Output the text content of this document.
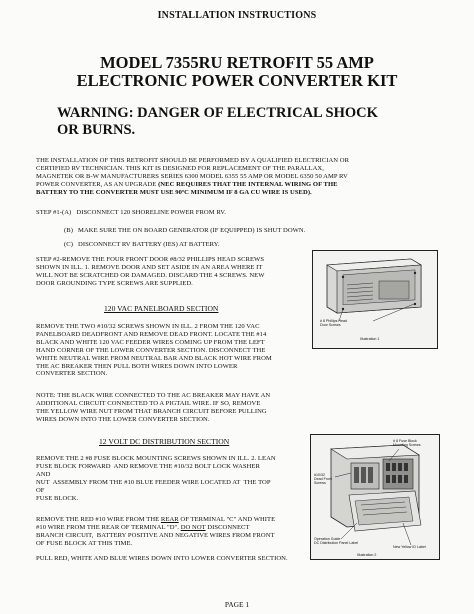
INSTALLATION INSTRUCTIONS
MODEL 7355RU RETROFIT 55 AMP
ELECTRONIC POWER CONVERTER KIT
WARNING: DANGER OF ELECTRICAL SHOCK
OR BURNS.
THE INSTALLATION OF THIS RETROFIT SHOULD BE PERFORMED BY A QUALIFIED ELECTRICIAN OR
CERTIFIED RV TECHNICIAN. THIS KIT IS DESIGNED FOR REPLACEMENT OF THE PARALLAX,
MAGNETEK OR B-W MANUFACTURERS SERIES 6300 MODEL 6355 55 AMP OR MODEL 6350 50 AMP RV
POWER CONVERTER, AS AN UPGRADE (NEC REQUIRES THAT THE INTERNAL WIRING OF THE
BATTERY TO THE CONVERTER MUST USE 90ºC MINIMUM IF 8 GA CU WIRE IS USED).
STEP #1-(A)   DISCONNECT 120 SHORELINE POWER FROM RV.
(B)   MAKE SURE THE ON BOARD GENERATOR (IF EQUIPPED) IS SHUT DOWN.
(C)   DISCONNECT RV BATTERY (IES) AT BATTERY.
STEP #2-REMOVE THE FOUR FRONT DOOR #8/32 PHILLIPS HEAD SCREWS
SHOWN IN ILL. 1. REMOVE DOOR AND SET ASIDE IN AN AREA WHERE IT
WILL NOT BE SCRATCHED OR DAMAGED. DISCARD THE 4 SCREWS. NEW
DOOR GROUNDING TYPE SCREWS ARE SUPPLIED.
120 VAC PANELBOARD SECTION
REMOVE THE TWO #10/32 SCREWS SHOWN IN ILL. 2 FROM THE 120 VAC
PANELBOARD DEADFRONT AND REMOVE DEAD FRONT. LOCATE THE #14
BLACK AND WHITE 120 VAC FEEDER WIRES COMING UP FROM THE LEFT
HAND CORNER OF THE LOWER CONVERTER SECTION. DISCONNECT THE
WHITE NEUTRAL WIRE FROM NEUTRAL BAR AND BLACK HOT WIRE FROM
THE AC BREAKER THEN PULL BOTH WIRES DOWN INTO LOWER
CONVERTER SECTION.
NOTE: THE BLACK WIRE CONNECTED TO THE AC BREAKER MAY HAVE AN
ADDITIONAL CIRCUIT CONNECTED TO A PIGTAIL WIRE. IF SO, REMOVE
THE YELLOW WIRE NUT FROM THAT BRANCH CIRCUIT BEFORE PULLING
WIRES DOWN INTO THE LOWER CONVERTER SECTION.
12 VOLT DC DISTRIBUTION SECTION
REMOVE THE 2 #8 FUSE BLOCK MOUNTING SCREWS SHOWN IN ILL. 2. LEAN
FUSE BLOCK FORWARD  AND REMOVE THE #10/32 BOLT LOCK WASHER
AND
NUT  ASSEMBLY FROM THE #10 BLUE FEEDER WIRE LOCATED AT  THE TOP
OF
FUSE BLOCK.
REMOVE THE RED #10 WIRE FROM THE REAR OF TERMINAL "C" AND WHITE
#10 WIRE FROM THE REAR OF TERMINAL "D". DO NOT DISCONNECT
BRANCH CIRCUIT,  BATTERY POSITIVE AND NEGATIVE WIRES FROM FRONT
OF FUSE BLOCK AT THIS TIME.
PULL RED, WHITE AND BLUE WIRES DOWN INTO LOWER CONVERTER SECTION.
PAGE 1
# 8 Phillips Head
Door Screws
Illustration 1
# 8 Fuse Block
Mounting Screws
#10/32
Dead Front
Screws
Operation Guide
DC Distribution Panel Label
New Yellow ID Label
Illustration 2
